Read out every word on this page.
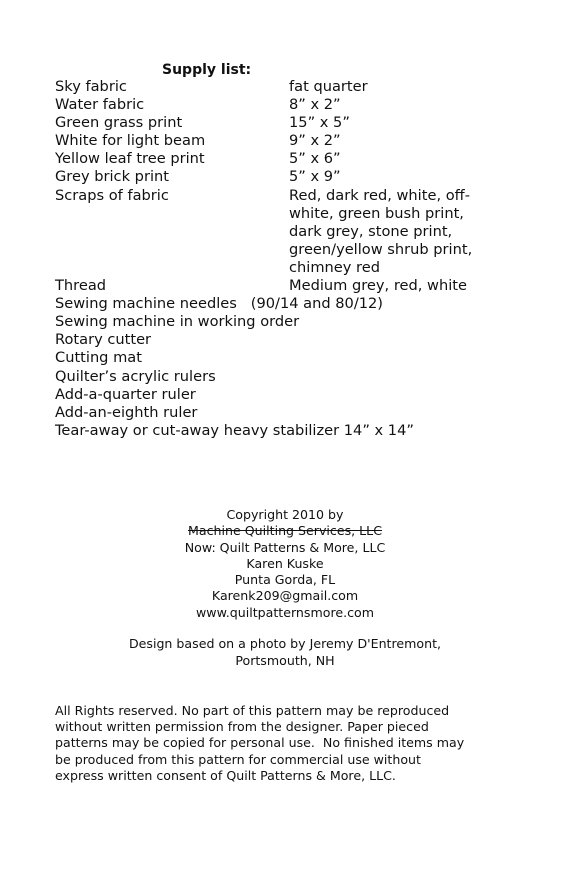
Supply list:
Sky fabric	fat quarter
Water fabric	8” x 2”
Green grass print	15” x 5”
White for light beam	9” x 2”
Yellow leaf tree print	5” x 6”
Grey brick print	5” x 9”
Scraps of fabric	Red, dark red, white, off-
white, green bush print,
dark grey, stone print,
green/yellow shrub print,
chimney red
Thread	Medium grey, red, white
Sewing machine needles   (90/14 and 80/12)
Sewing machine in working order
Rotary cutter
Cutting mat
Quilter’s acrylic rulers
Add-a-quarter ruler
Add-an-eighth ruler
Tear-away or cut-away heavy stabilizer 14” x 14”
Copyright 2010 by
Machine Quilting Services, LLC
Now: Quilt Patterns & More, LLC
Karen Kuske
Punta Gorda, FL
Karenk209@gmail.com
www.quiltpatternsmore.com
Design based on a photo by Jeremy D'Entremont,
Portsmouth, NH
All Rights reserved. No part of this pattern may be reproduced
without written permission from the designer. Paper pieced
patterns may be copied for personal use.  No finished items may
be produced from this pattern for commercial use without
express written consent of Quilt Patterns & More, LLC.
